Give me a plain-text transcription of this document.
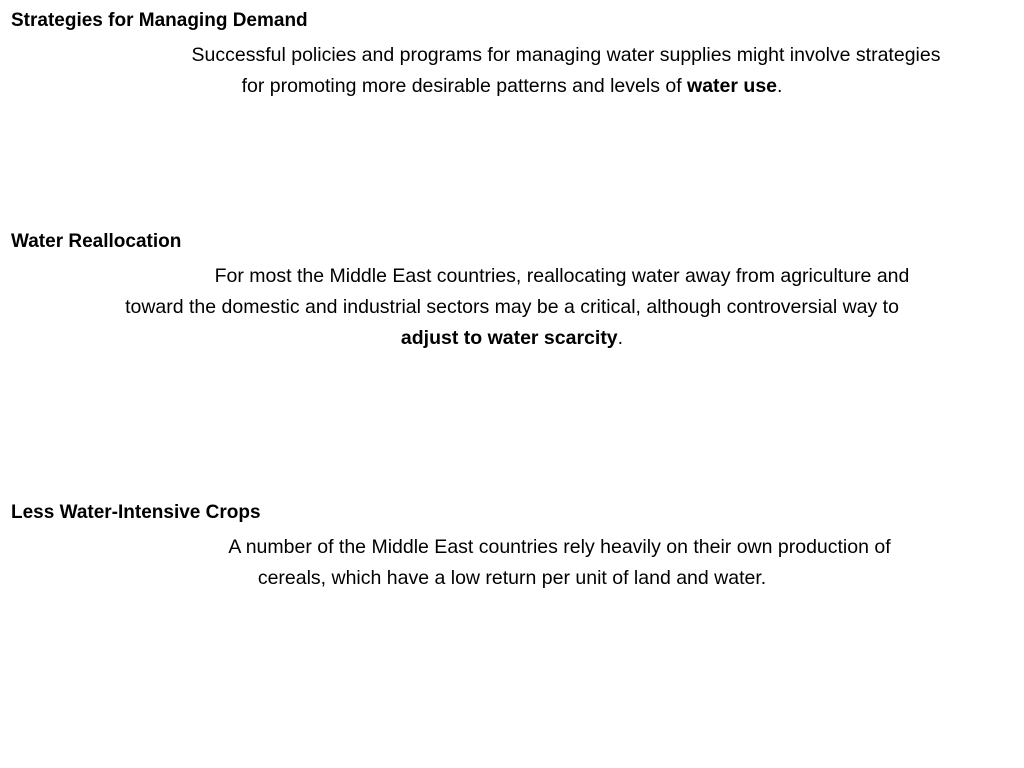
Strategies for Managing Demand

Successful policies and programs for managing water supplies might involve strategies
for promoting more desirable patterns and levels of water use.

Water Reallocation

For most the Middle East countries, reallocating water away from agriculture and
toward the domestic and industrial sectors may be a critical, although controversial way to
adjust to water scarcity.

Less Water-Intensive Crops

A number of the Middle East countries rely heavily on their own production of
cereals, which have a low return per unit of land and water.
